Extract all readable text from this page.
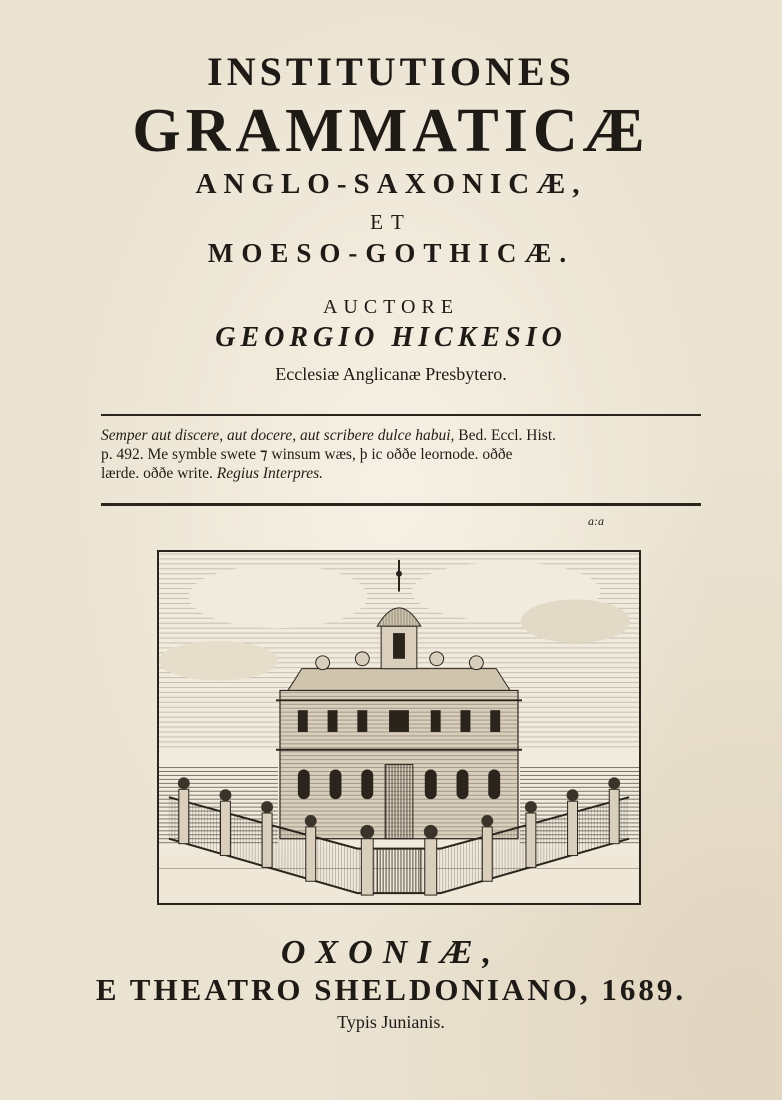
INSTITUTIONES
GRAMMATICÆ
ANGLO-SAXONICÆ,
ET
MOESO-GOTHICÆ.
AUCTORE
GEORGIO HICKESIO
Ecclesiæ Anglicanæ Presbytero.
Semper aut discere, aut docere, aut scribere dulce habui, Bed. Eccl. Hist.
p. 492. Me symble swete ⁊ winsum wæs, þ ic oððe leornode. oððe
lærde. oððe write. Regius Interpres.
a:a
OXONIÆ,
E THEATRO SHELDONIANO, 1689.
Typis Junianis.
